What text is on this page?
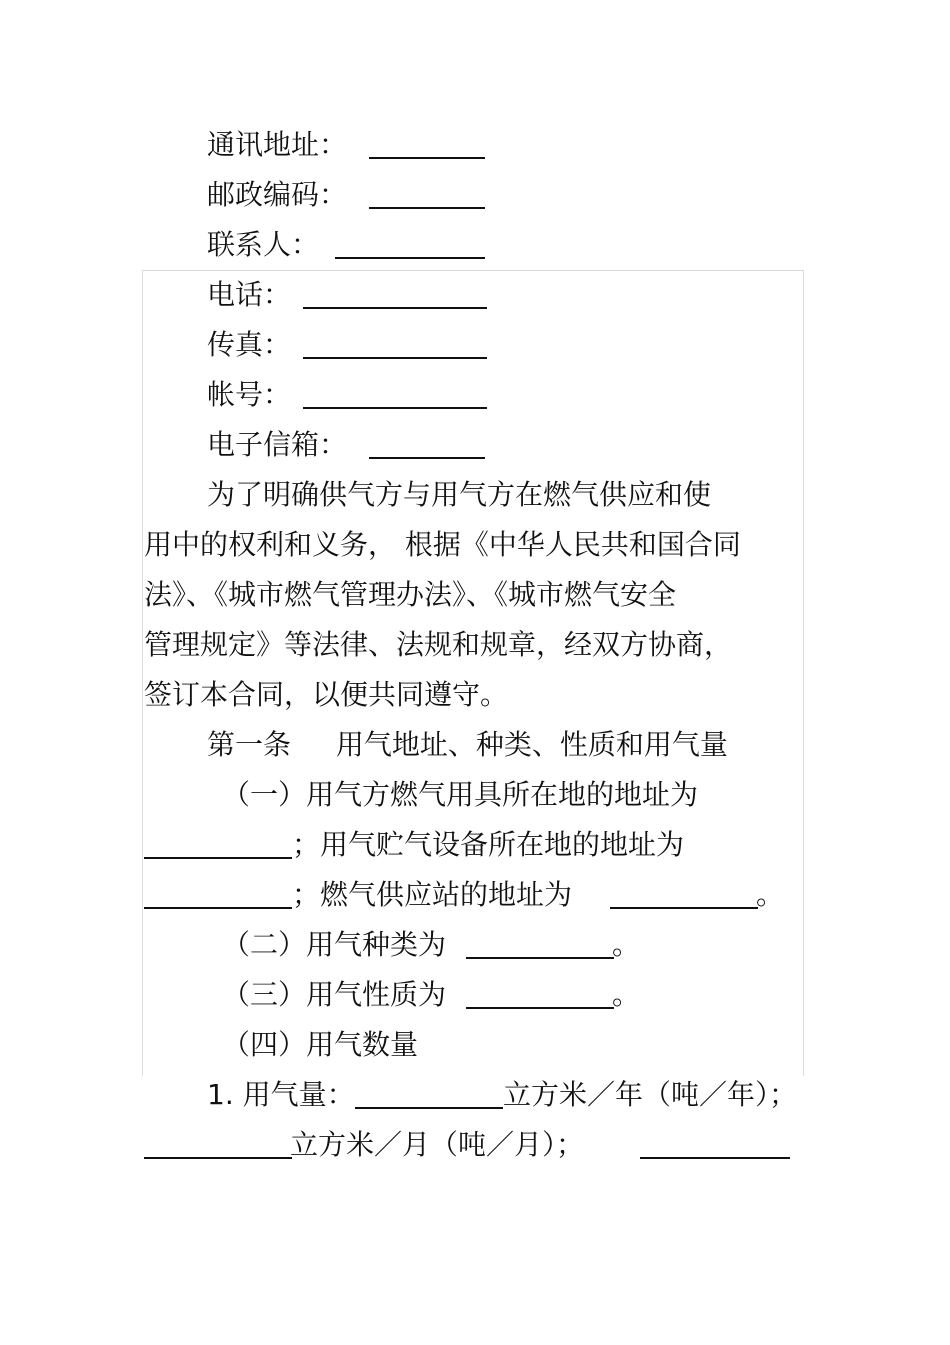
通讯地址：
邮政编码：
联系人：
电话：
传真：
帐号：
电子信箱：
为了明确供气方与用气方在燃气供应和使
用中的权利和义务， 根据《中华人民共和国合同
法》、《城市燃气管理办法》、《城市燃气安全
管理规定》等法律、法规和规章，经双方协商，
签订本合同，以便共同遵守。
第一条 用气地址、种类、性质和用气量
（一）用气方燃气用具所在地的地址为
；用气贮气设备所在地的地址为
；燃气供应站的地址为	。
（二）用气种类为	。
（三）用气性质为	。
（四）用气数量
1. 用气量：	立方米／年（吨／年）；
立方米／月（吨／月）；
